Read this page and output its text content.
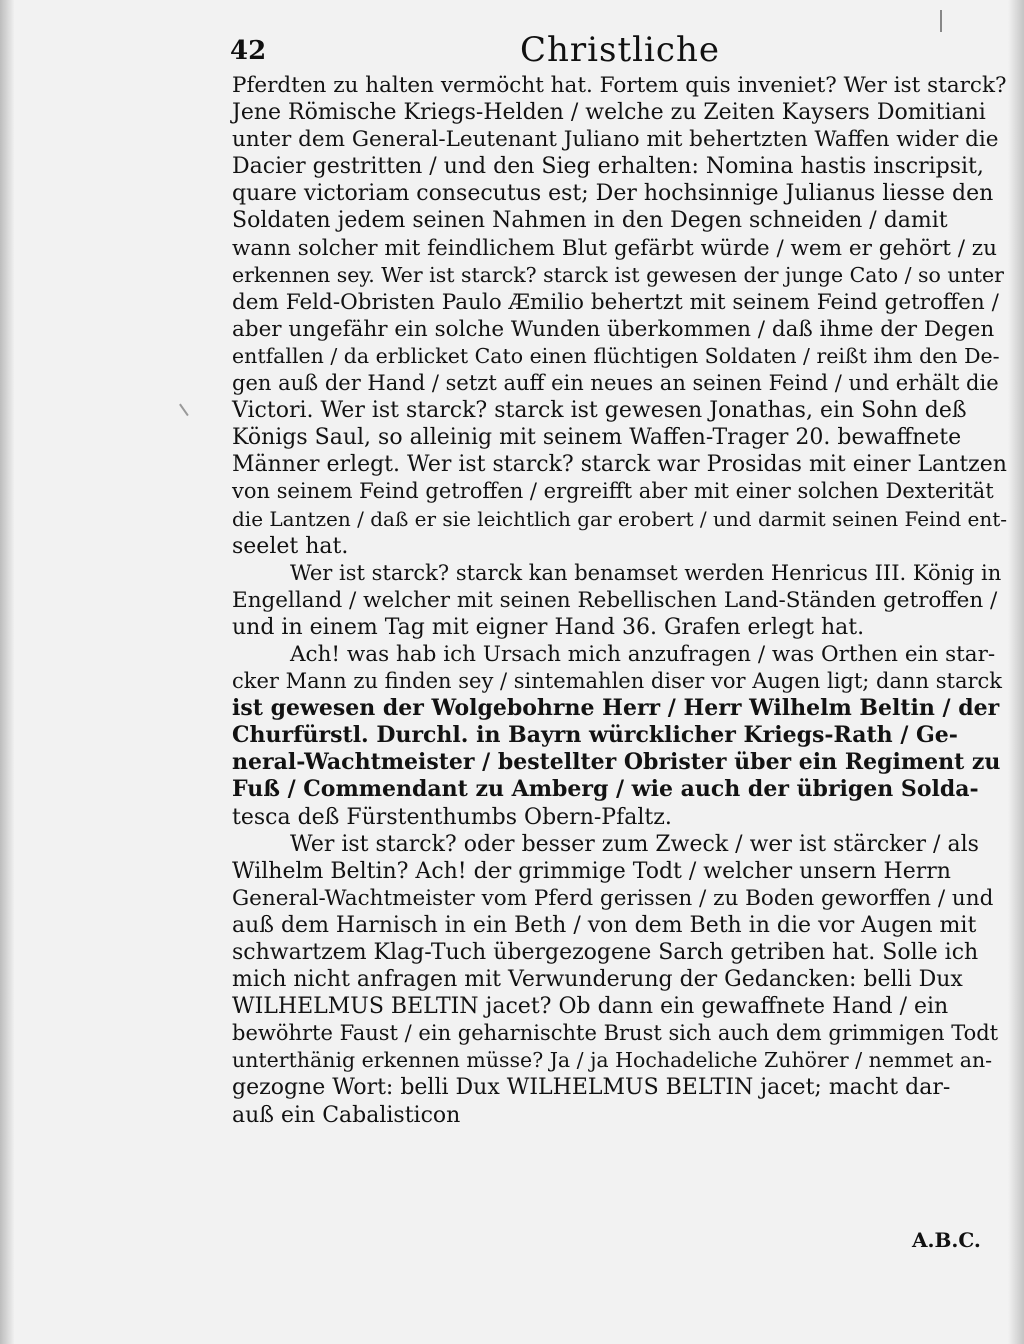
42	Christliche
Pferdten zu halten vermöcht hat. Fortem quis inveniet? Wer ist starck?
Jene Römische Kriegs-Helden / welche zu Zeiten Kaysers Domitiani
unter dem General-Leutenant Juliano mit behertzten Waffen wider die
Dacier gestritten / und den Sieg erhalten: Nomina hastis inscripsit,
quare victoriam consecutus est; Der hochsinnige Julianus liesse den
Soldaten jedem seinen Nahmen in den Degen schneiden / damit
wann solcher mit feindlichem Blut gefärbt würde / wem er gehört / zu
erkennen sey. Wer ist starck? starck ist gewesen der junge Cato / so unter
dem Feld-Obristen Paulo Æmilio behertzt mit seinem Feind getroffen /
aber ungefähr ein solche Wunden überkommen / daß ihme der Degen
entfallen / da erblicket Cato einen flüchtigen Soldaten / reißt ihm den De-
gen auß der Hand / setzt auff ein neues an seinen Feind / und erhält die
Victori. Wer ist starck? starck ist gewesen Jonathas, ein Sohn deß
Königs Saul, so alleinig mit seinem Waffen-Trager 20. bewaffnete
Männer erlegt. Wer ist starck? starck war Prosidas mit einer Lantzen
von seinem Feind getroffen / ergreifft aber mit einer solchen Dexterität
die Lantzen / daß er sie leichtlich gar erobert / und darmit seinen Feind ent-
seelet hat.
Wer ist starck? starck kan benamset werden Henricus III. König in
Engelland / welcher mit seinen Rebellischen Land-Ständen getroffen /
und in einem Tag mit eigner Hand 36. Grafen erlegt hat.
Ach! was hab ich Ursach mich anzufragen / was Orthen ein star-
cker Mann zu finden sey / sintemahlen diser vor Augen ligt; dann starck
ist gewesen der Wolgebohrne Herr / Herr Wilhelm Beltin / der
Churfürstl. Durchl. in Bayrn würcklicher Kriegs-Rath / Ge-
neral-Wachtmeister / bestellter Obrister über ein Regiment zu
Fuß / Commendant zu Amberg / wie auch der übrigen Solda-
tesca deß Fürstenthumbs Obern-Pfaltz.
Wer ist starck? oder besser zum Zweck / wer ist stärcker / als
Wilhelm Beltin? Ach! der grimmige Todt / welcher unsern Herrn
General-Wachtmeister vom Pferd gerissen / zu Boden geworffen / und
auß dem Harnisch in ein Beth / von dem Beth in die vor Augen mit
schwartzem Klag-Tuch übergezogene Sarch getriben hat. Solle ich
mich nicht anfragen mit Verwunderung der Gedancken: belli Dux
WILHELMUS BELTIN jacet? Ob dann ein gewaffnete Hand / ein
bewöhrte Faust / ein geharnischte Brust sich auch dem grimmigen Todt
unterthänig erkennen müsse? Ja / ja Hochadeliche Zuhörer / nemmet an-
gezogne Wort: belli Dux WILHELMUS BELTIN jacet; macht dar-
auß ein Cabalisticon
A.B.C.
